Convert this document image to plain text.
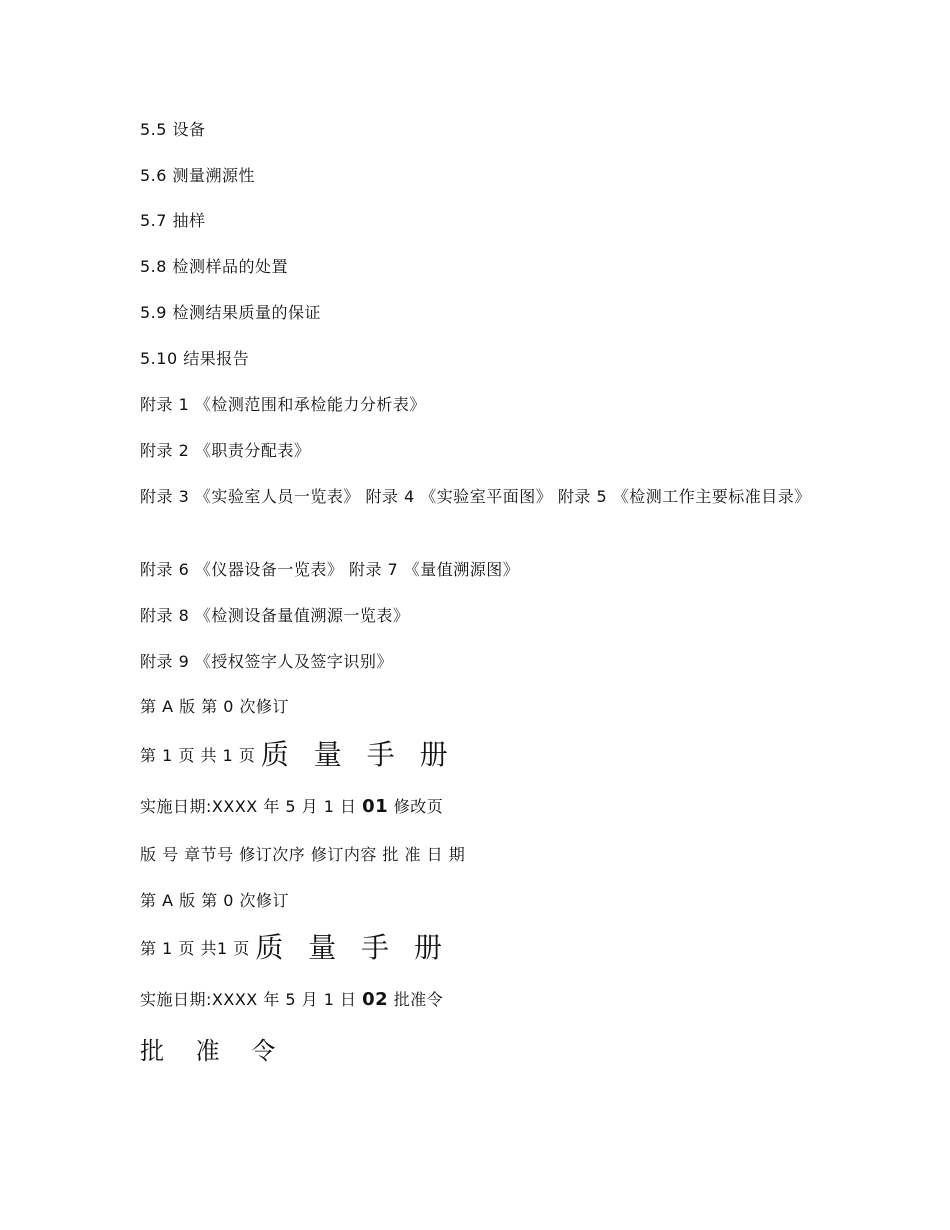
5.5 设备
5.6 测量溯源性
5.7 抽样
5.8 检测样品的处置
5.9 检测结果质量的保证
5.10 结果报告
附录 1 《检测范围和承检能力分析表》
附录 2 《职责分配表》
附录 3 《实验室人员一览表》 附录 4 《实验室平面图》 附录 5 《检测工作主要标准目录》
附录 6 《仪器设备一览表》 附录 7 《量值溯源图》
附录 8 《检测设备量值溯源一览表》
附录 9 《授权签字人及签字识别》
第 A 版 第 0 次修订
第 1 页 共 1 页 质 量 手 册
实施日期:XXXX 年 5 月 1 日 01 修改页
版 号 章节号 修订次序 修订内容 批 准 日 期
第 A 版 第 0 次修订
第 1 页 共1 页 质 量 手 册
实施日期:XXXX 年 5 月 1 日 02 批准令
批 准 令
